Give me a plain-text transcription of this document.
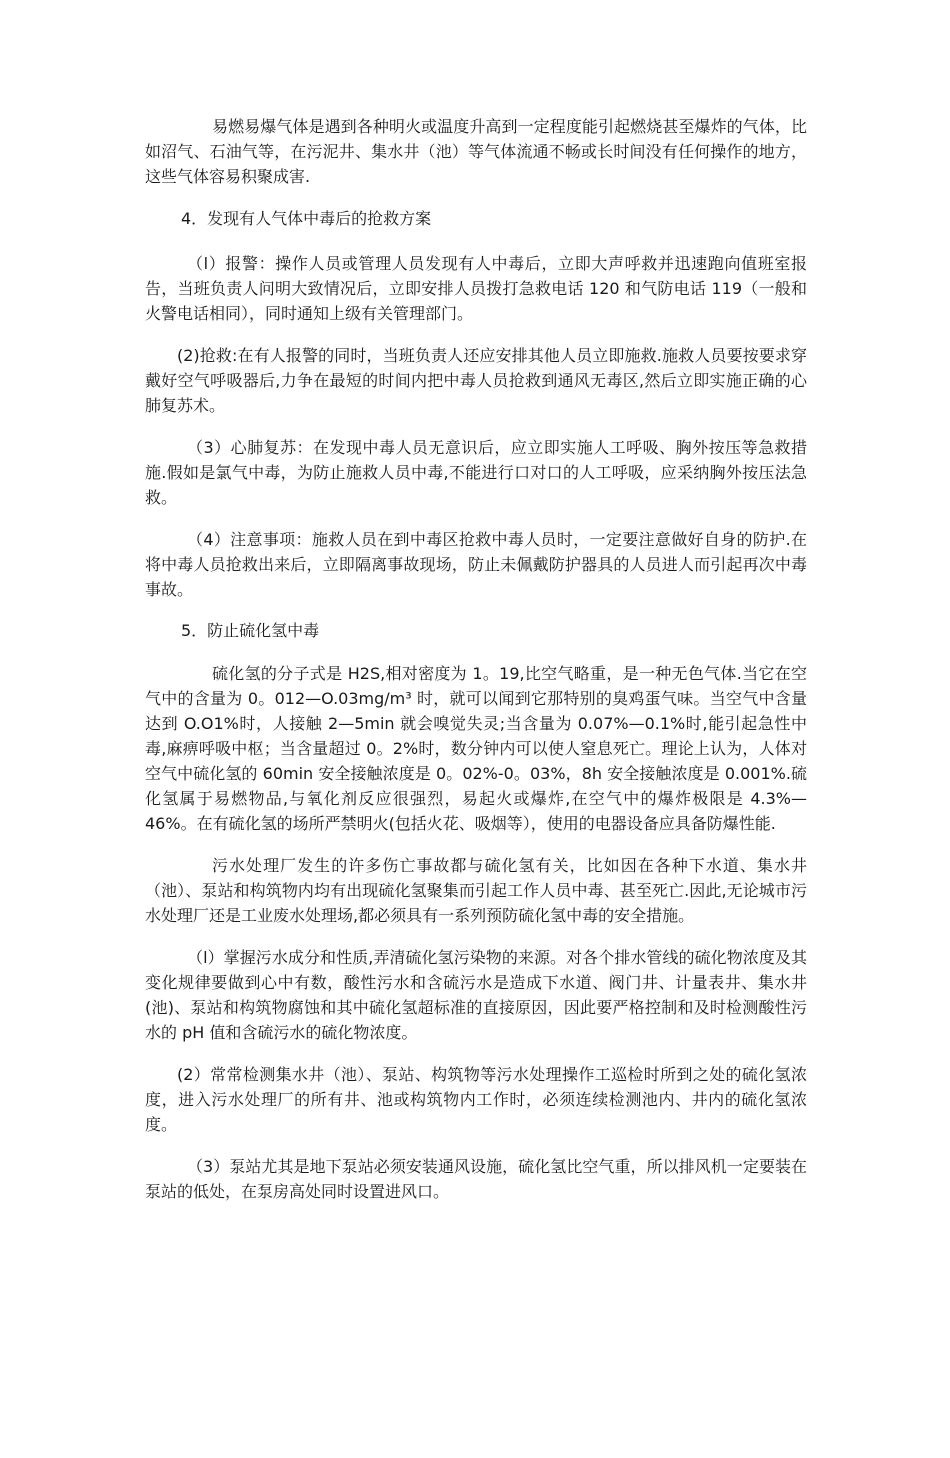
易燃易爆气体是遇到各种明火或温度升高到一定程度能引起燃烧甚至爆炸的气体，比如沼气、石油气等，在污泥井、集水井（池）等气体流通不畅或长时间没有任何操作的地方，这些气体容易积聚成害.

4．发现有人气体中毒后的抢救方案

（l）报警：操作人员或管理人员发现有人中毒后，立即大声呼救并迅速跑向值班室报告，当班负责人问明大致情况后，立即安排人员拨打急救电话 120 和气防电话 119（一般和火警电话相同），同时通知上级有关管理部门。

(2)抢救:在有人报警的同时，当班负责人还应安排其他人员立即施救.施救人员要按要求穿戴好空气呼吸器后,力争在最短的时间内把中毒人员抢救到通风无毒区,然后立即实施正确的心肺复苏术。

（3）心肺复苏：在发现中毒人员无意识后，应立即实施人工呼吸、胸外按压等急救措施.假如是氯气中毒，为防止施救人员中毒,不能进行口对口的人工呼吸，应采纳胸外按压法急救。

（4）注意事项：施救人员在到中毒区抢救中毒人员时，一定要注意做好自身的防护.在将中毒人员抢救出来后，立即隔离事故现场，防止未佩戴防护器具的人员进人而引起再次中毒事故。

5．防止硫化氢中毒

硫化氢的分子式是 H2S,相对密度为 1。19,比空气略重，是一种无色气体.当它在空气中的含量为 0。012—O.03mg/m³ 时，就可以闻到它那特别的臭鸡蛋气味。当空气中含量达到 O.O1%时，人接触 2—5min 就会嗅觉失灵;当含量为 0.07%—0.1%时,能引起急性中毒,麻痹呼吸中枢；当含量超过 0。2%时，数分钟内可以使人窒息死亡。理论上认为，人体对空气中硫化氢的 60min 安全接触浓度是 0。02%-0。03%，8h 安全接触浓度是 0.001%.硫化氢属于易燃物品,与氧化剂反应很强烈，易起火或爆炸,在空气中的爆炸极限是 4.3%—46%。在有硫化氢的场所严禁明火(包括火花、吸烟等），使用的电器设备应具备防爆性能.

污水处理厂发生的许多伤亡事故都与硫化氢有关，比如因在各种下水道、集水井（池）、泵站和构筑物内均有出现硫化氢聚集而引起工作人员中毒、甚至死亡.因此,无论城市污水处理厂还是工业废水处理场,都必须具有一系列预防硫化氢中毒的安全措施。

（l）掌握污水成分和性质,弄清硫化氢污染物的来源。对各个排水管线的硫化物浓度及其变化规律要做到心中有数，酸性污水和含硫污水是造成下水道、阀门井、计量表井、集水井(池)、泵站和构筑物腐蚀和其中硫化氢超标准的直接原因，因此要严格控制和及时检测酸性污水的 pH 值和含硫污水的硫化物浓度。

(2）常常检测集水井（池）、泵站、构筑物等污水处理操作工巡检时所到之处的硫化氢浓度，进入污水处理厂的所有井、池或构筑物内工作时，必须连续检测池内、井内的硫化氢浓度。

（3）泵站尤其是地下泵站必须安装通风设施，硫化氢比空气重，所以排风机一定要装在泵站的低处，在泵房高处同时设置进风口。
